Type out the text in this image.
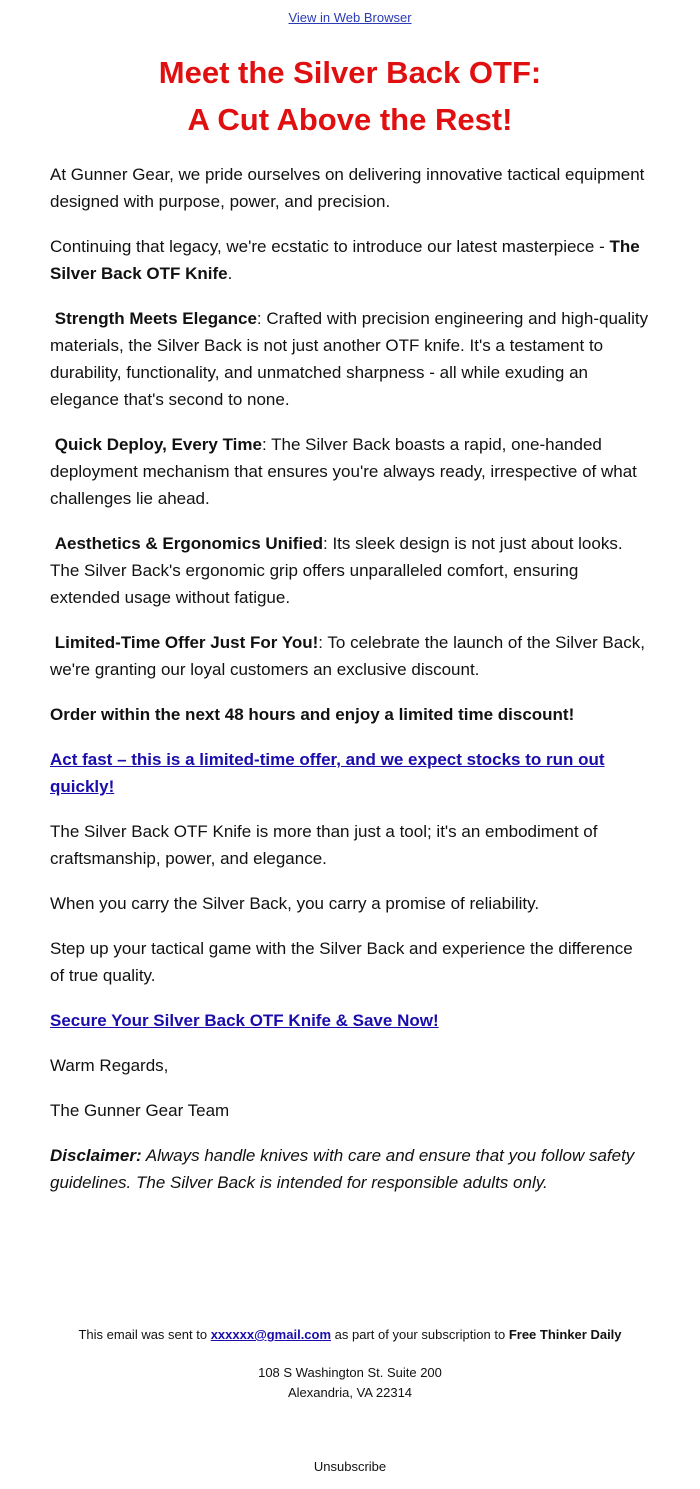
View in Web Browser
Meet the Silver Back OTF:
A Cut Above the Rest!

At Gunner Gear, we pride ourselves on delivering innovative tactical equipment designed with purpose, power, and precision.

Continuing that legacy, we're ecstatic to introduce our latest masterpiece - The Silver Back OTF Knife.

Strength Meets Elegance: Crafted with precision engineering and high-quality materials, the Silver Back is not just another OTF knife. It's a testament to durability, functionality, and unmatched sharpness - all while exuding an elegance that's second to none.

Quick Deploy, Every Time: The Silver Back boasts a rapid, one-handed deployment mechanism that ensures you're always ready, irrespective of what challenges lie ahead.

Aesthetics & Ergonomics Unified: Its sleek design is not just about looks. The Silver Back's ergonomic grip offers unparalleled comfort, ensuring extended usage without fatigue.

Limited-Time Offer Just For You!: To celebrate the launch of the Silver Back, we're granting our loyal customers an exclusive discount.

Order within the next 48 hours and enjoy a limited time discount!

Act fast – this is a limited-time offer, and we expect stocks to run out quickly!

The Silver Back OTF Knife is more than just a tool; it's an embodiment of craftsmanship, power, and elegance.

When you carry the Silver Back, you carry a promise of reliability.

Step up your tactical game with the Silver Back and experience the difference of true quality.

Secure Your Silver Back OTF Knife & Save Now!

Warm Regards,

The Gunner Gear Team

Disclaimer: Always handle knives with care and ensure that you follow safety guidelines. The Silver Back is intended for responsible adults only.

This email was sent to xxxxxx@gmail.com as part of your subscription to Free Thinker Daily
108 S Washington St. Suite 200
Alexandria, VA 22314
Unsubscribe
